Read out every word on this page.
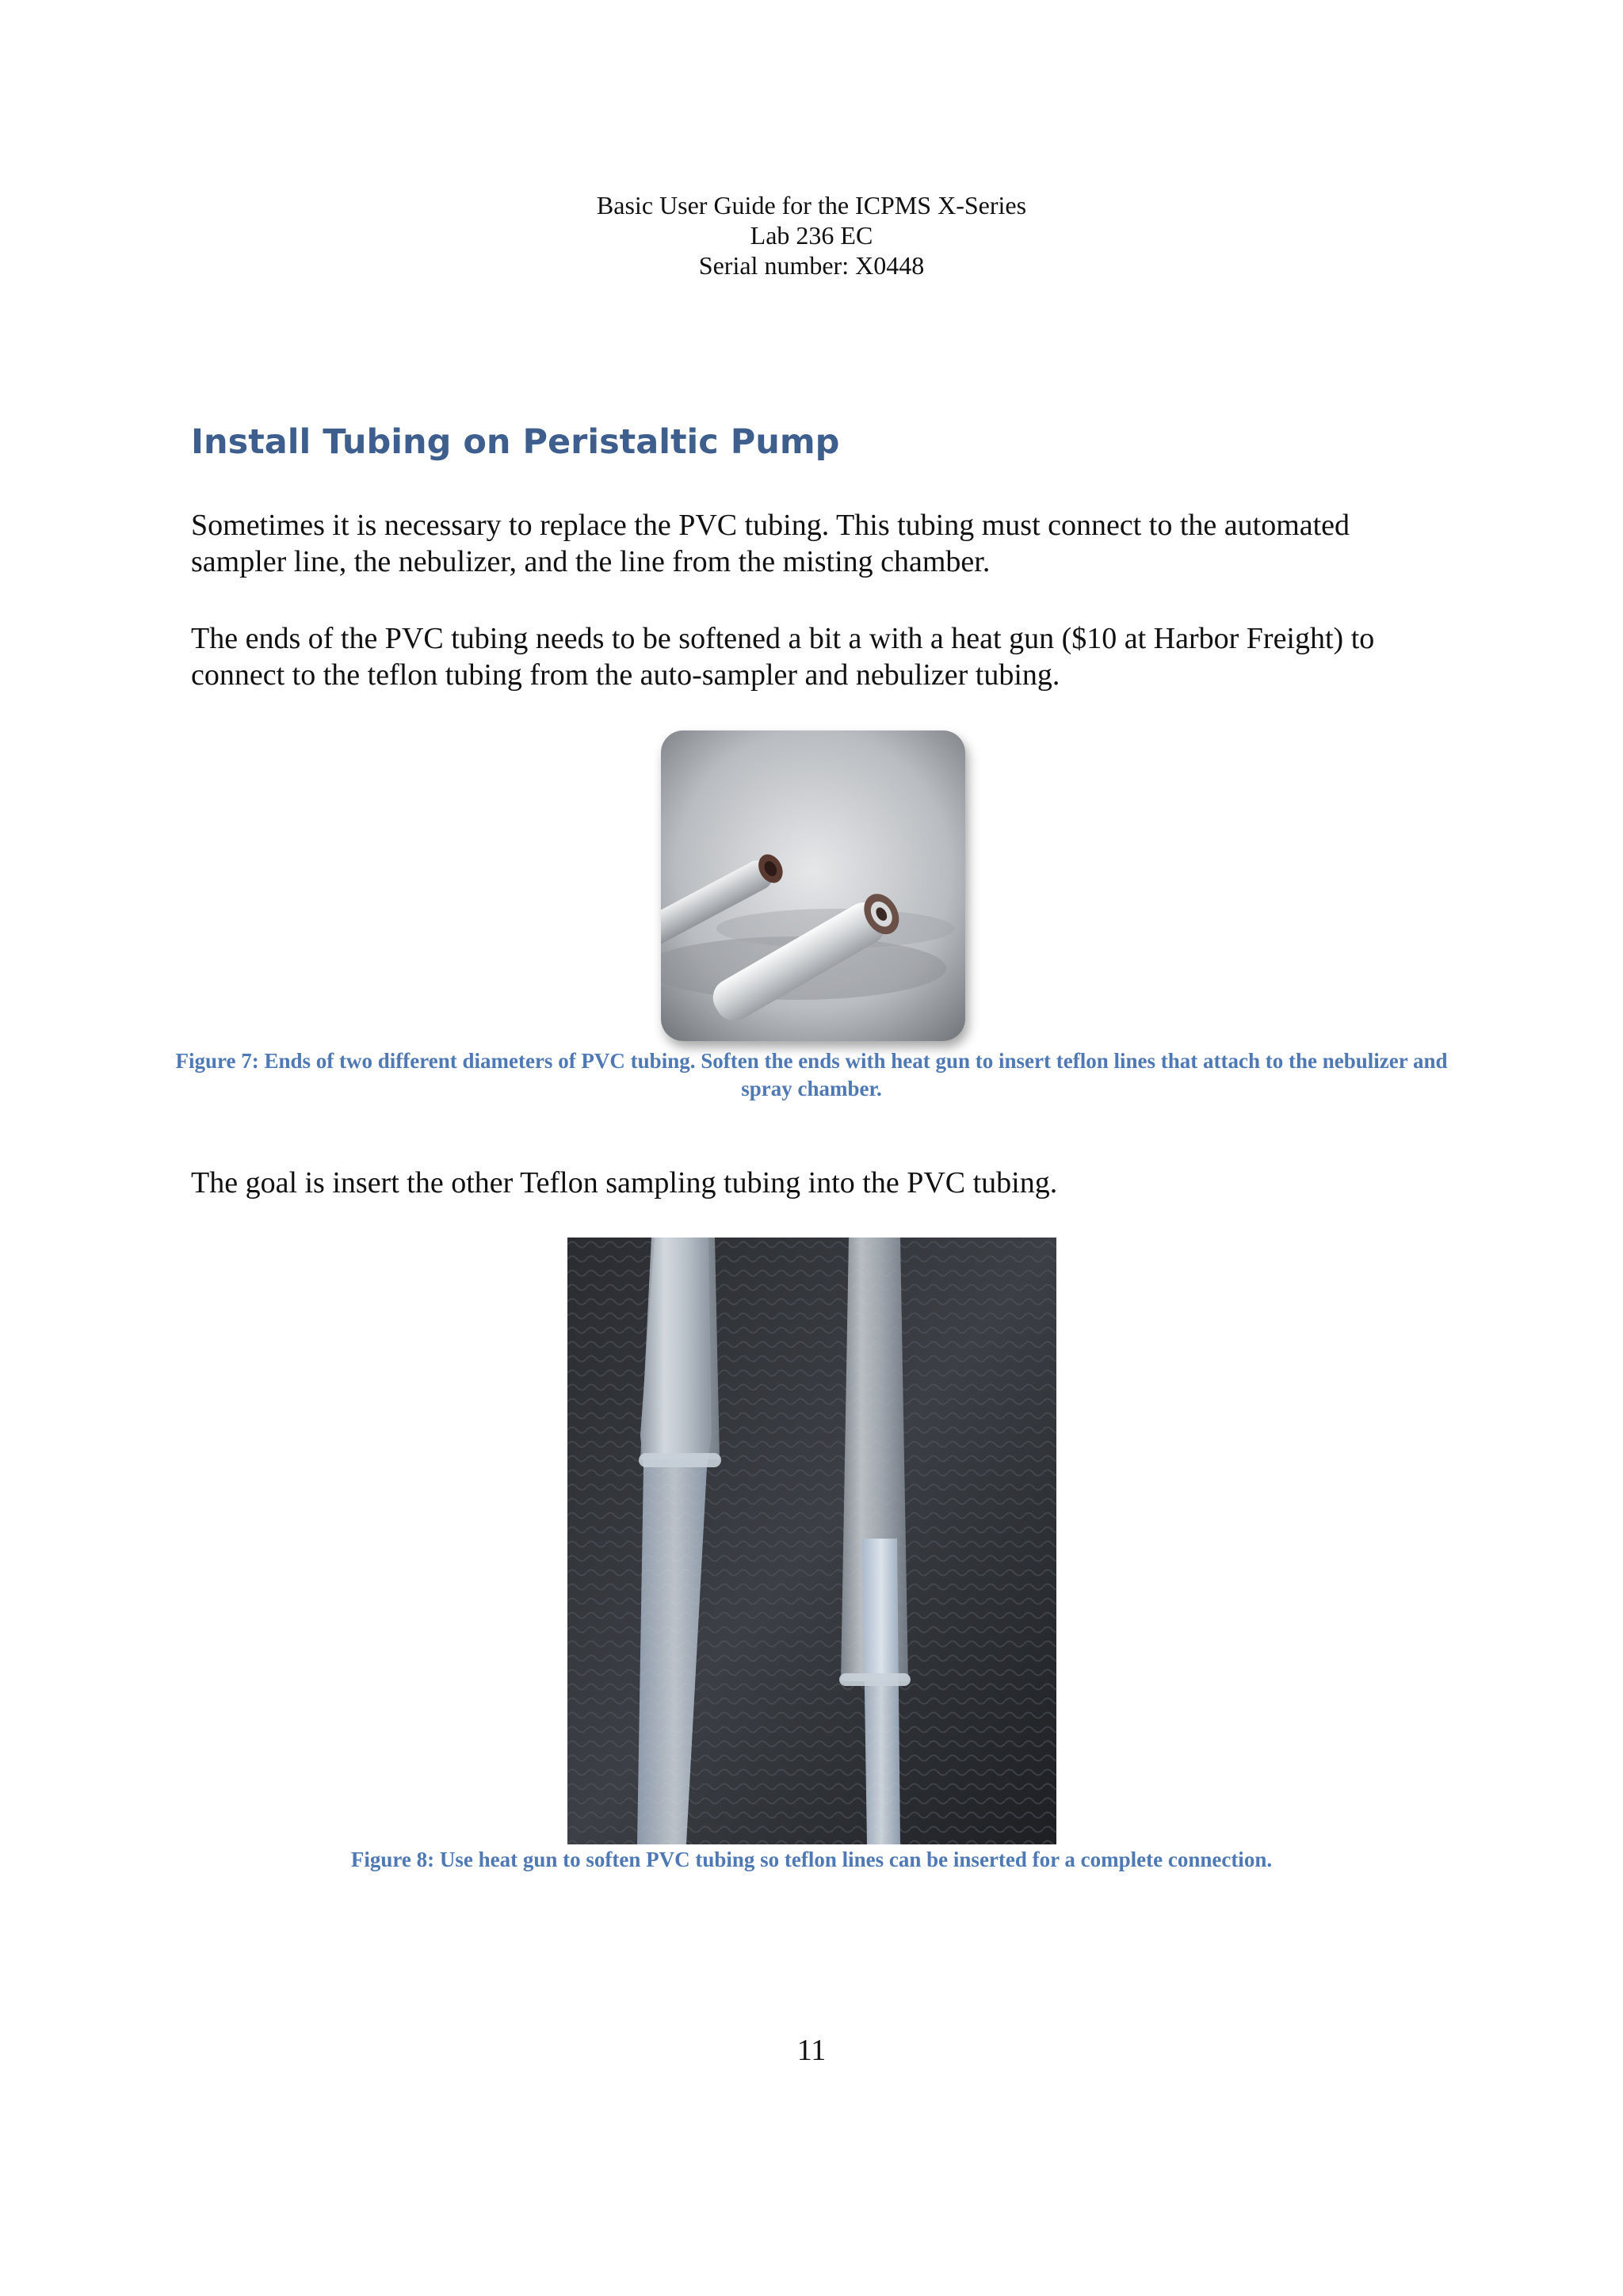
Basic User Guide for the ICPMS X-Series
Lab 236 EC
Serial number: X0448
Install Tubing on Peristaltic Pump

Sometimes it is necessary to replace the PVC tubing. This tubing must connect to the automated sampler line, the nebulizer, and the line from the misting chamber.

The ends of the PVC tubing needs to be softened a bit a with a heat gun ($10 at Harbor Freight) to connect to the teflon tubing from the auto-sampler and nebulizer tubing.

Figure 7: Ends of two different diameters of PVC tubing. Soften the ends with heat gun to insert teflon lines that attach to the nebulizer and spray chamber.

The goal is insert the other Teflon sampling tubing into the PVC tubing.

Figure 8: Use heat gun to soften PVC tubing so teflon lines can be inserted for a complete connection.

11
